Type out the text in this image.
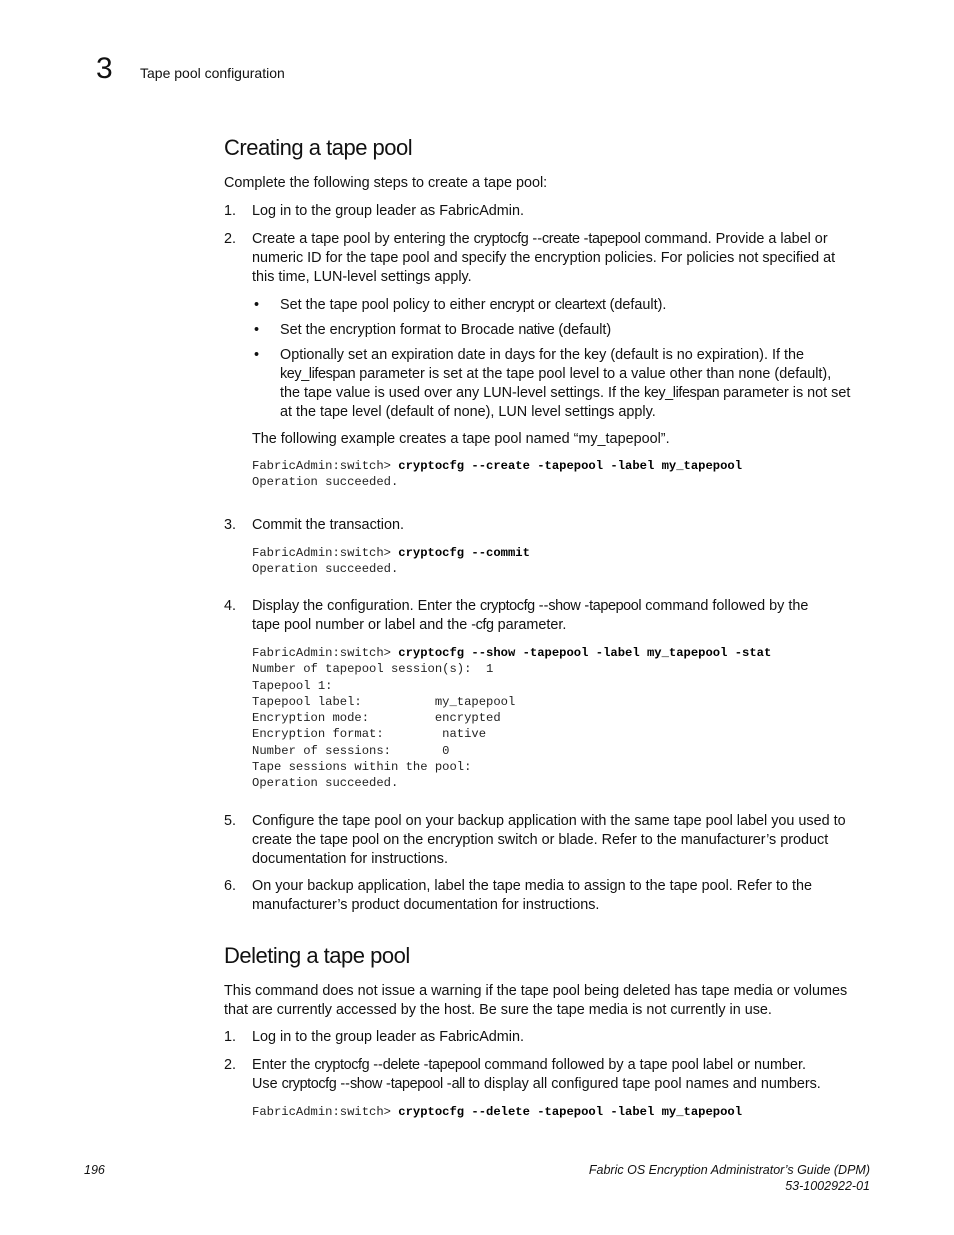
3 Tape pool configuration
Creating a tape pool
Complete the following steps to create a tape pool:
1. Log in to the group leader as FabricAdmin.
2. Create a tape pool by entering the cryptocfg --create -tapepool command. Provide a label or
numeric ID for the tape pool and specify the encryption policies. For policies not specified at
this time, LUN-level settings apply.
• Set the tape pool policy to either encrypt or cleartext (default).
• Set the encryption format to Brocade native (default)
• Optionally set an expiration date in days for the key (default is no expiration). If the
key_lifespan parameter is set at the tape pool level to a value other than none (default),
the tape value is used over any LUN-level settings. If the key_lifespan parameter is not set
at the tape level (default of none), LUN level settings apply.
The following example creates a tape pool named “my_tapepool”.
FabricAdmin:switch> cryptocfg --create -tapepool -label my_tapepool
Operation succeeded.
3. Commit the transaction.
FabricAdmin:switch> cryptocfg --commit
Operation succeeded.
4. Display the configuration. Enter the cryptocfg --show -tapepool command followed by the
tape pool number or label and the -cfg parameter.
FabricAdmin:switch> cryptocfg --show -tapepool -label my_tapepool -stat
Number of tapepool session(s):  1
Tapepool 1:
Tapepool label:          my_tapepool
Encryption mode:         encrypted
Encryption format:        native
Number of sessions:       0
Tape sessions within the pool:
Operation succeeded.
5. Configure the tape pool on your backup application with the same tape pool label you used to
create the tape pool on the encryption switch or blade. Refer to the manufacturer’s product
documentation for instructions.
6. On your backup application, label the tape media to assign to the tape pool. Refer to the
manufacturer’s product documentation for instructions.
Deleting a tape pool
This command does not issue a warning if the tape pool being deleted has tape media or volumes
that are currently accessed by the host. Be sure the tape media is not currently in use.
1. Log in to the group leader as FabricAdmin.
2. Enter the cryptocfg --delete -tapepool command followed by a tape pool label or number.
Use cryptocfg --show -tapepool -all to display all configured tape pool names and numbers.
FabricAdmin:switch> cryptocfg --delete -tapepool -label my_tapepool
196	Fabric OS Encryption Administrator’s Guide (DPM)
53-1002922-01
